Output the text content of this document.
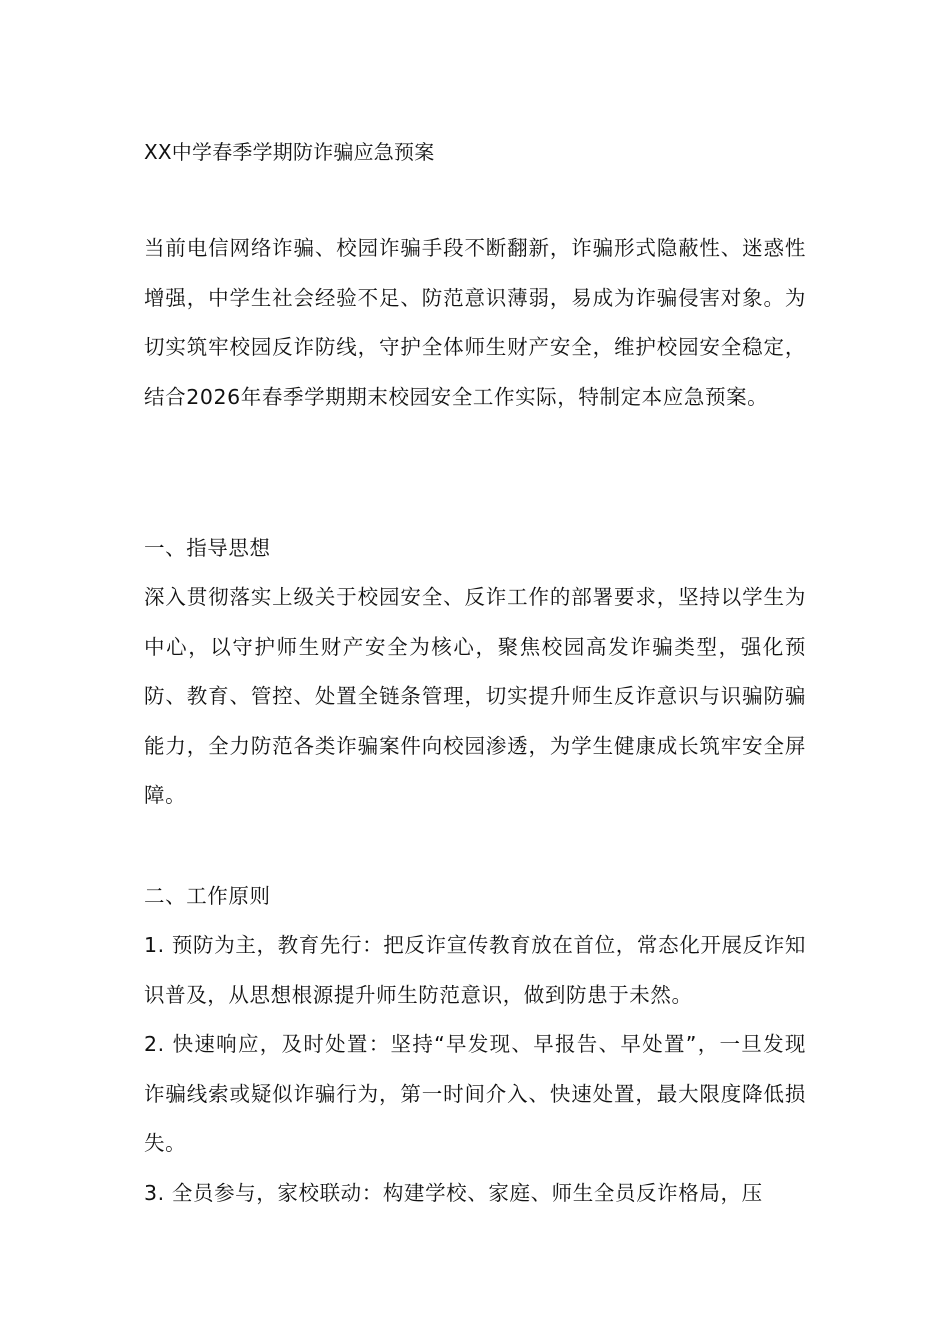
XX中学春季学期防诈骗应急预案

当前电信网络诈骗、校园诈骗手段不断翻新，诈骗形式隐蔽性、迷惑性增强，中学生社会经验不足、防范意识薄弱，易成为诈骗侵害对象。为切实筑牢校园反诈防线，守护全体师生财产安全，维护校园安全稳定，结合2026年春季学期期末校园安全工作实际，特制定本应急预案。

一、指导思想

深入贯彻落实上级关于校园安全、反诈工作的部署要求，坚持以学生为中心，以守护师生财产安全为核心，聚焦校园高发诈骗类型，强化预防、教育、管控、处置全链条管理，切实提升师生反诈意识与识骗防骗能力，全力防范各类诈骗案件向校园渗透，为学生健康成长筑牢安全屏障。

二、工作原则

1. 预防为主，教育先行：把反诈宣传教育放在首位，常态化开展反诈知识普及，从思想根源提升师生防范意识，做到防患于未然。

2. 快速响应，及时处置：坚持“早发现、早报告、早处置”，一旦发现诈骗线索或疑似诈骗行为，第一时间介入、快速处置，最大限度降低损失。

3. 全员参与，家校联动：构建学校、家庭、师生全员反诈格局，压
